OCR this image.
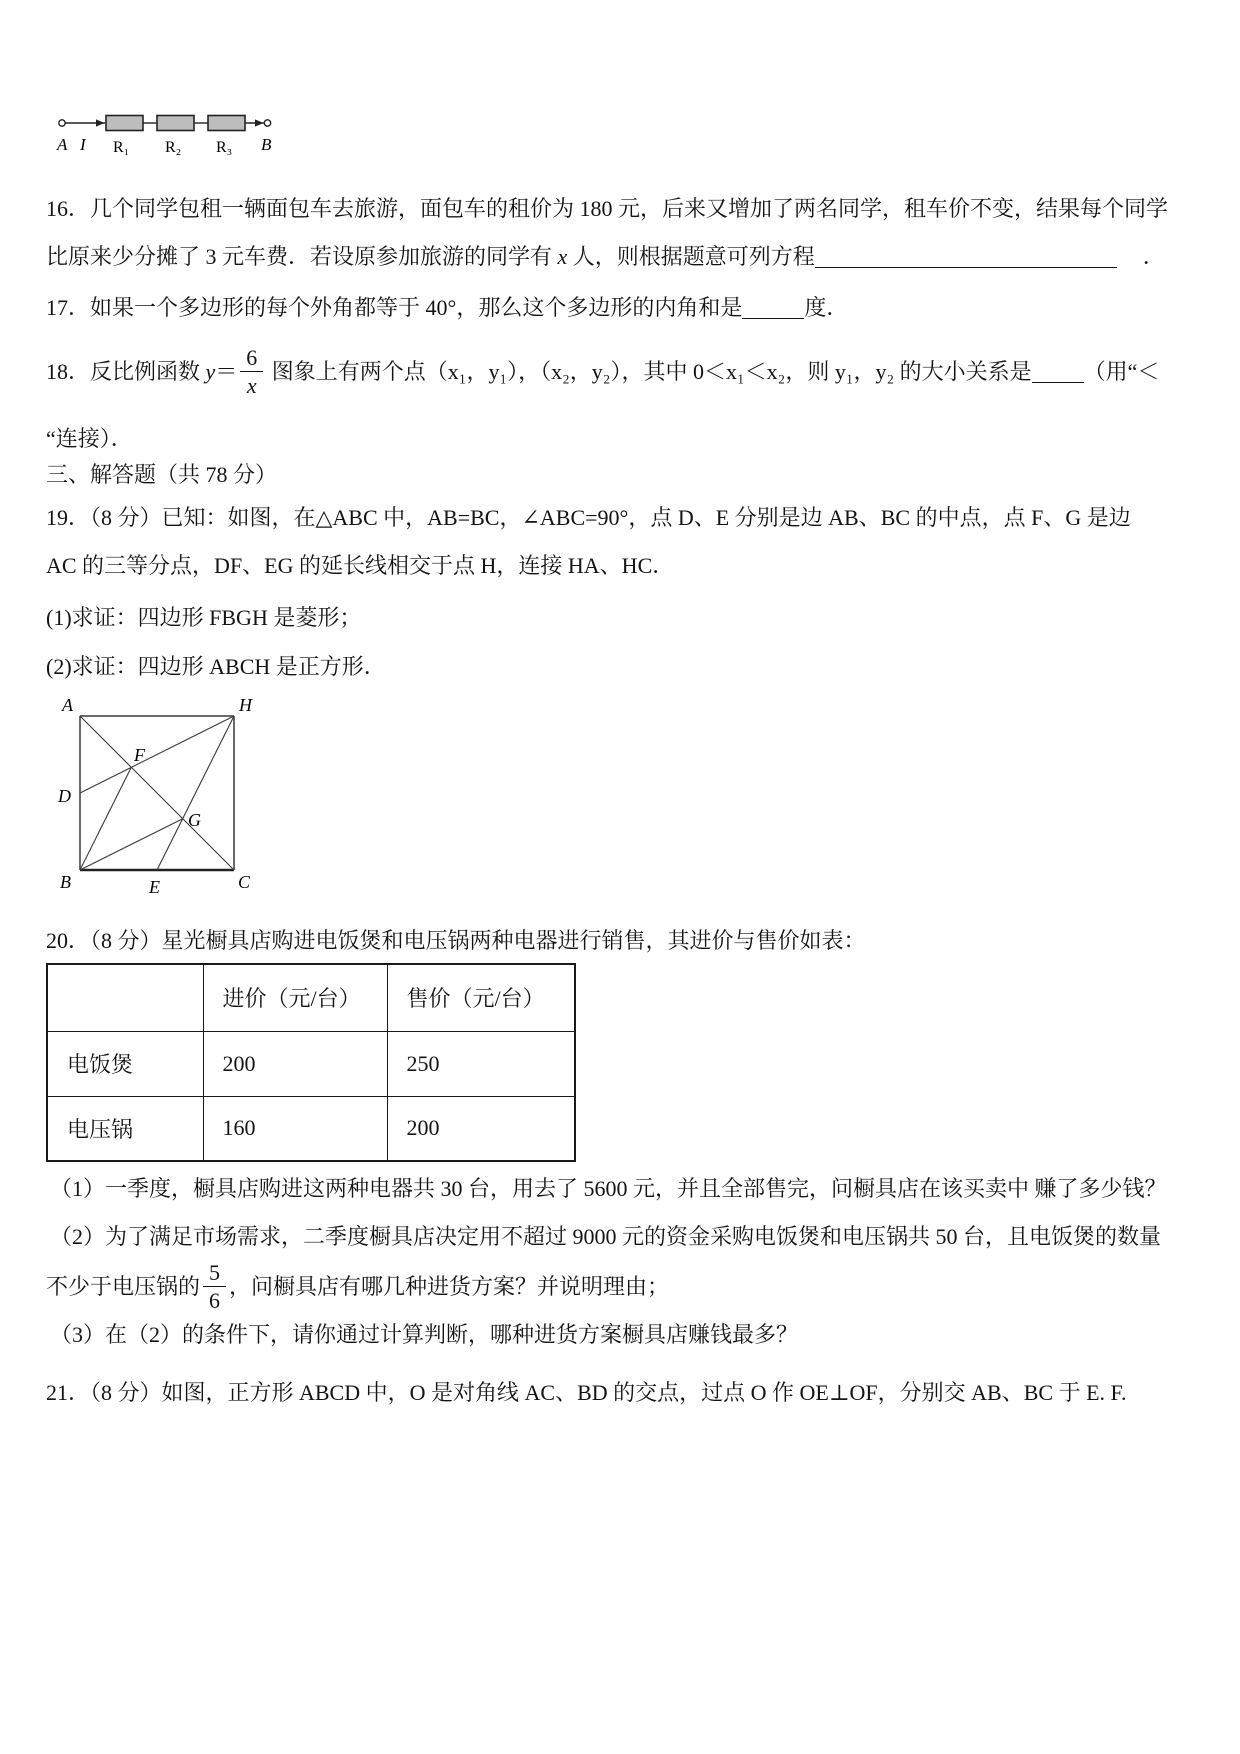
A I R₁ R₂ R₃ B

16．几个同学包租一辆面包车去旅游，面包车的租价为 180 元，后来又增加了两名同学，租车价不变，结果每个同学

比原来少分摊了 3 元车费．若设原参加旅游的同学有 x 人，则根据题意可列方程	．

17．如果一个多边形的每个外角都等于 40°，那么这个多边形的内角和是	度．

18．反比例函数 $y = \frac{6}{x}$ 图象上有两个点（x₁，y₁），（x₂，y₂），其中 0＜x₁＜x₂，则 y₁，y₂ 的大小关系是 （用“＜

“连接）．

三、解答题（共 78 分）

19．（8 分）已知：如图，在△ABC 中，AB=BC，∠ABC=90°，点 D、E 分别是边 AB、BC 的中点，点 F、G 是边

AC 的三等分点，DF、EG 的延长线相交于点 H，连接 HA、HC．

(1)求证：四边形 FBGH 是菱形；

(2)求证：四边形 ABCH 是正方形．

A	H
D
F
G
B	E	C

20．（8 分）星光橱具店购进电饭煲和电压锅两种电器进行销售，其进价与售价如表：

	进价（元/台）	售价（元/台）
电饭煲	200	250
电压锅	160	200

（1）一季度，橱具店购进这两种电器共 30 台，用去了 5600 元，并且全部售完，问橱具店在该买卖中 赚了多少钱？

（2）为了满足市场需求，二季度橱具店决定用不超过 9000 元的资金采购电饭煲和电压锅共 50 台，且电饭煲的数量

不少于电压锅的 $\frac{5}{6}$ ，问橱具店有哪几种进货方案？并说明理由；

（3）在（2）的条件下，请你通过计算判断，哪种进货方案橱具店赚钱最多？

21．（8 分）如图，正方形 ABCD 中，O 是对角线 AC、BD 的交点，过点 O 作 OE⊥OF，分别交 AB、BC 于 E. F.
